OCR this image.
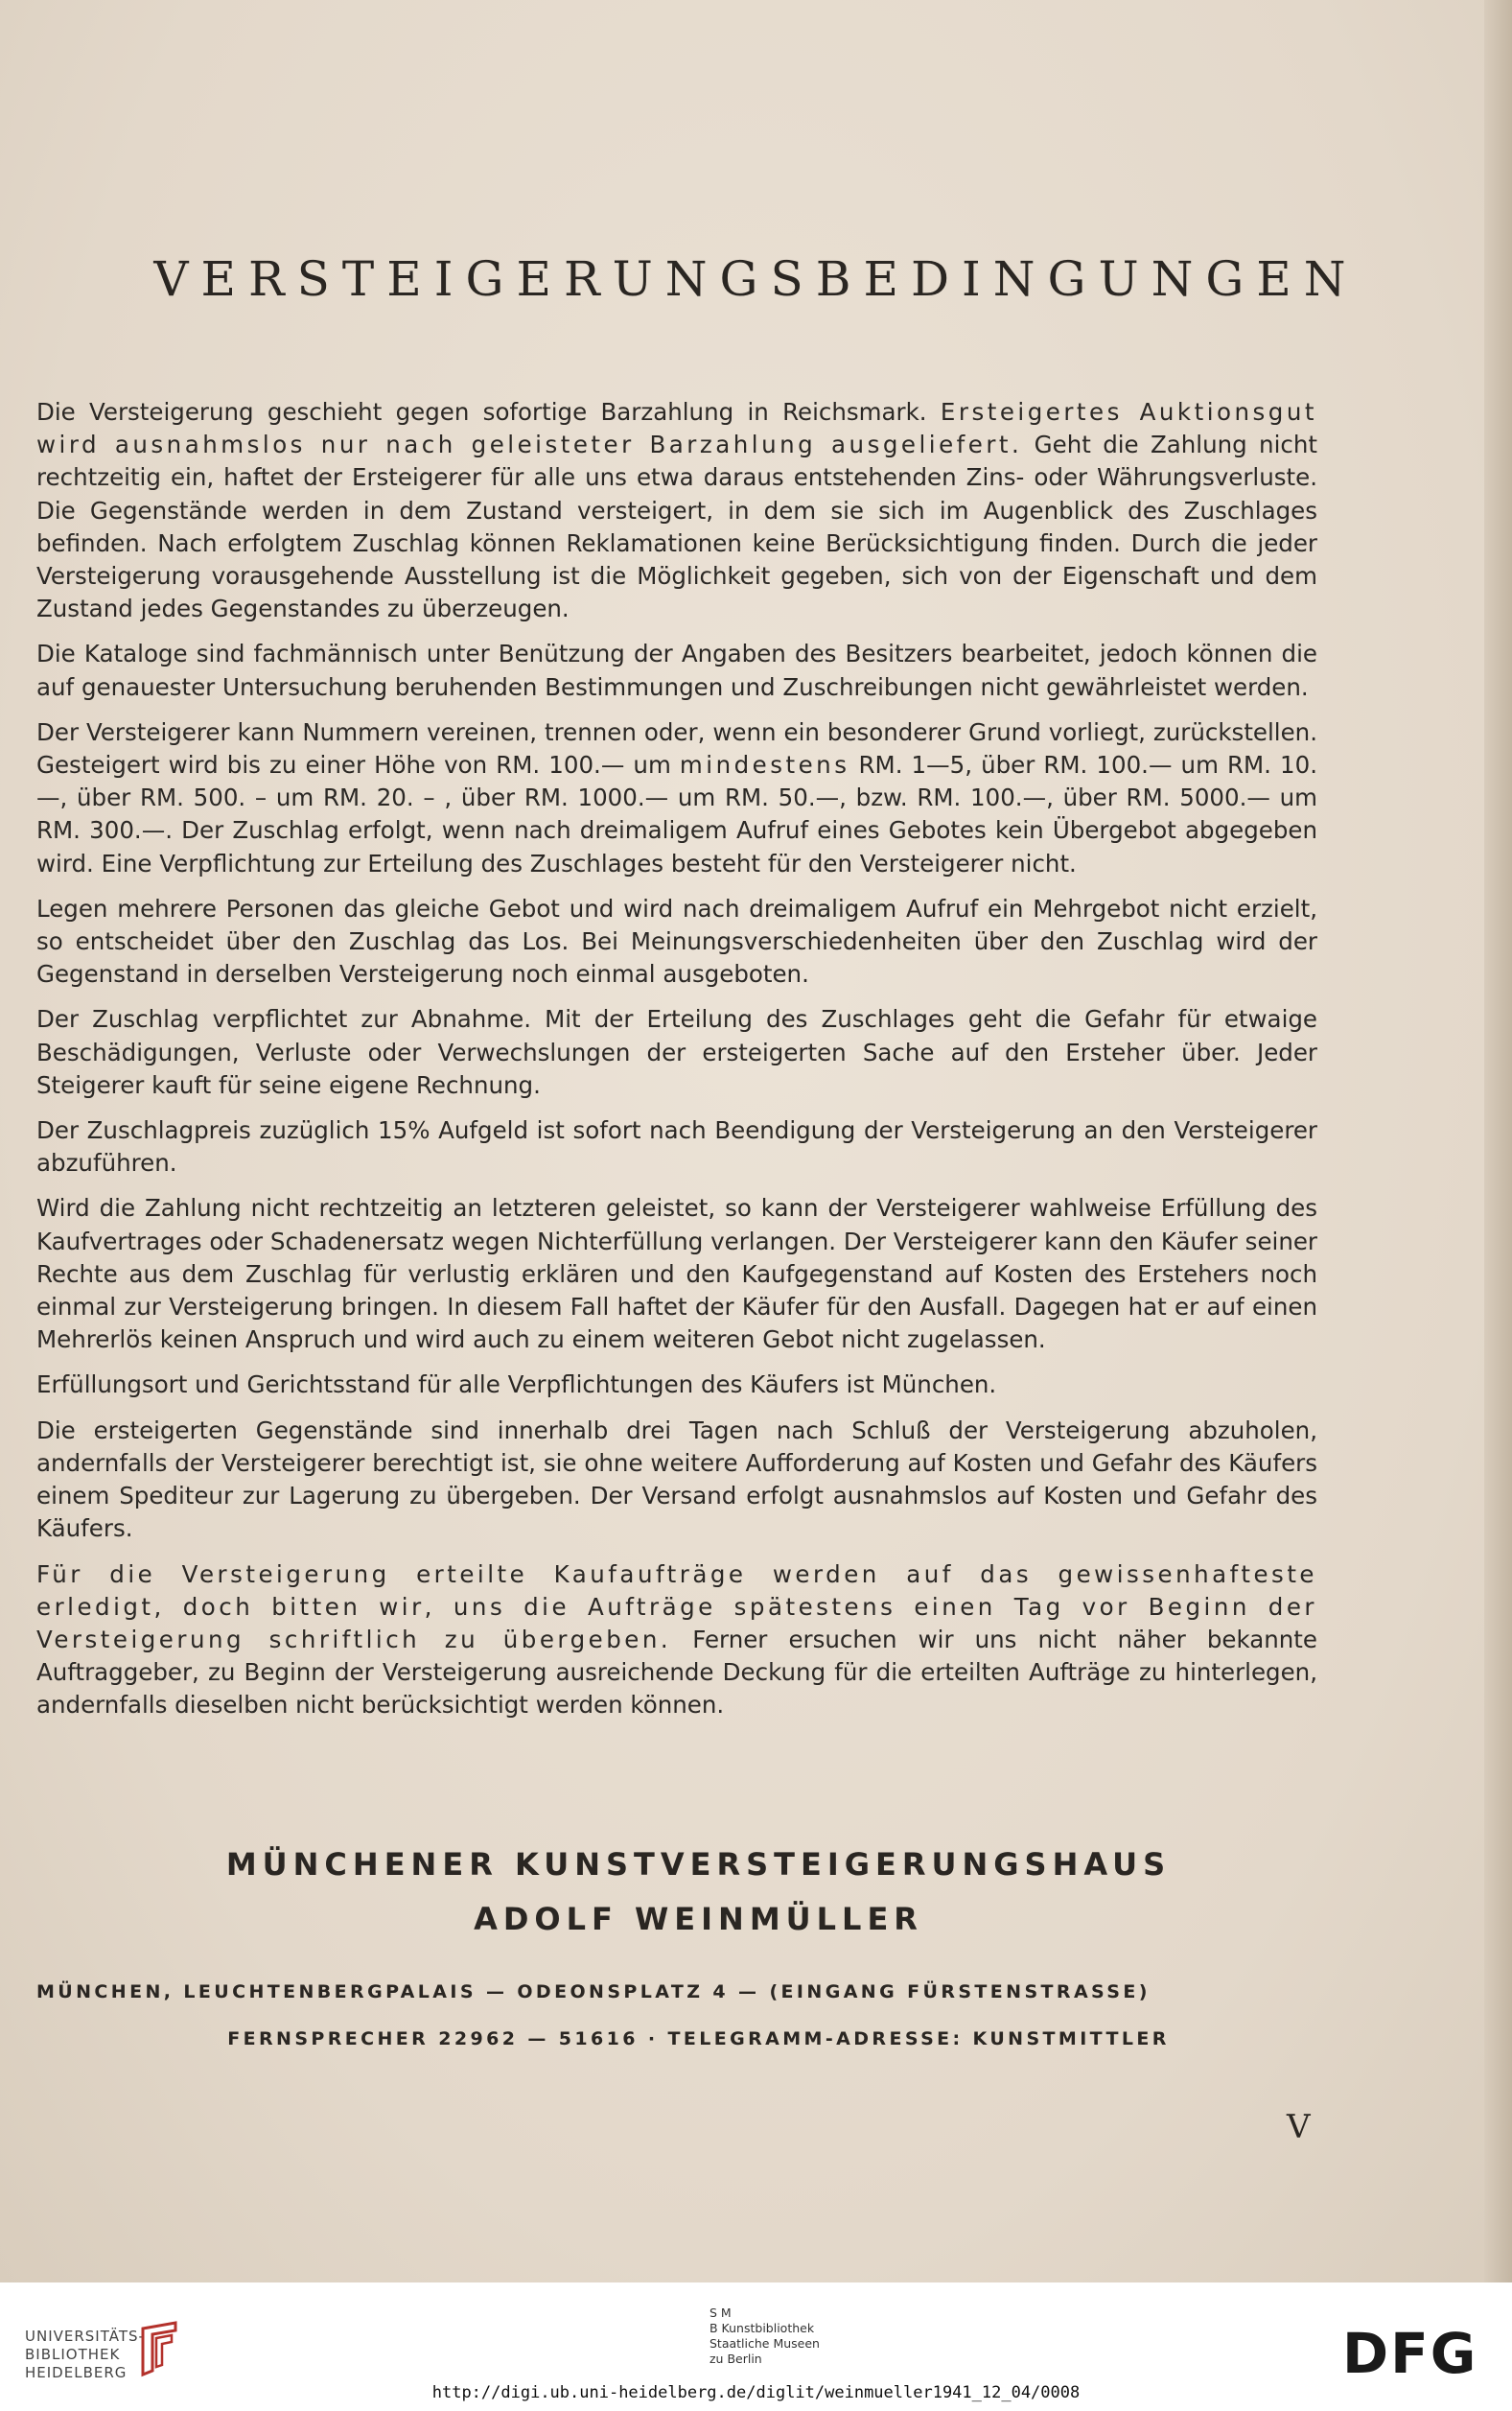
VERSTEIGERUNGSBEDINGUNGEN

Die Versteigerung geschieht gegen sofortige Barzahlung in Reichsmark. Ersteigertes Auktionsgut wird ausnahmslos nur nach geleisteter Barzahlung ausgeliefert. Geht die Zahlung nicht rechtzeitig ein, haftet der Ersteigerer für alle uns etwa daraus entstehenden Zins- oder Währungsverluste. Die Gegenstände werden in dem Zustand versteigert, in dem sie sich im Augenblick des Zuschlages befinden. Nach erfolgtem Zuschlag können Reklamationen keine Berücksichtigung finden. Durch die jeder Versteigerung vorausgehende Ausstellung ist die Möglichkeit gegeben, sich von der Eigenschaft und dem Zustand jedes Gegenstandes zu überzeugen.

Die Kataloge sind fachmännisch unter Benützung der Angaben des Besitzers bearbeitet, jedoch können die auf genauester Untersuchung beruhenden Bestimmungen und Zuschreibungen nicht gewährleistet werden.

Der Versteigerer kann Nummern vereinen, trennen oder, wenn ein besonderer Grund vorliegt, zurückstellen. Gesteigert wird bis zu einer Höhe von RM. 100.— um mindestens RM. 1—5, über RM. 100.— um RM. 10.—, über RM. 500. – um RM. 20. – , über RM. 1000.— um RM. 50.—, bzw. RM. 100.—, über RM. 5000.— um RM. 300.—. Der Zuschlag erfolgt, wenn nach dreimaligem Aufruf eines Gebotes kein Übergebot abgegeben wird. Eine Verpflichtung zur Erteilung des Zuschlages besteht für den Versteigerer nicht.

Legen mehrere Personen das gleiche Gebot und wird nach dreimaligem Aufruf ein Mehrgebot nicht erzielt, so entscheidet über den Zuschlag das Los. Bei Meinungsverschiedenheiten über den Zuschlag wird der Gegenstand in derselben Versteigerung noch einmal ausgeboten.

Der Zuschlag verpflichtet zur Abnahme. Mit der Erteilung des Zuschlages geht die Gefahr für etwaige Beschädigungen, Verluste oder Verwechslungen der ersteigerten Sache auf den Ersteher über. Jeder Steigerer kauft für seine eigene Rechnung.

Der Zuschlagpreis zuzüglich 15% Aufgeld ist sofort nach Beendigung der Versteigerung an den Versteigerer abzuführen.

Wird die Zahlung nicht rechtzeitig an letzteren geleistet, so kann der Versteigerer wahlweise Erfüllung des Kaufvertrages oder Schadenersatz wegen Nichterfüllung verlangen. Der Versteigerer kann den Käufer seiner Rechte aus dem Zuschlag für verlustig erklären und den Kaufgegenstand auf Kosten des Erstehers noch einmal zur Versteigerung bringen. In diesem Fall haftet der Käufer für den Ausfall. Dagegen hat er auf einen Mehrerlös keinen Anspruch und wird auch zu einem weiteren Gebot nicht zugelassen.

Erfüllungsort und Gerichtsstand für alle Verpflichtungen des Käufers ist München.

Die ersteigerten Gegenstände sind innerhalb drei Tagen nach Schluß der Versteigerung abzuholen, andernfalls der Versteigerer berechtigt ist, sie ohne weitere Aufforderung auf Kosten und Gefahr des Käufers einem Spediteur zur Lagerung zu übergeben. Der Versand erfolgt ausnahmslos auf Kosten und Gefahr des Käufers.

Für die Versteigerung erteilte Kaufaufträge werden auf das gewissenhafteste erledigt, doch bitten wir, uns die Aufträge spätestens einen Tag vor Beginn der Versteigerung schriftlich zu übergeben. Ferner ersuchen wir uns nicht näher bekannte Auftraggeber, zu Beginn der Versteigerung ausreichende Deckung für die erteilten Aufträge zu hinterlegen, andernfalls dieselben nicht berücksichtigt werden können.

MÜNCHENER KUNSTVERSTEIGERUNGSHAUS
ADOLF WEINMÜLLER
MÜNCHEN, LEUCHTENBERGPALAIS — ODEONSPLATZ 4 — (EINGANG FÜRSTENSTRASSE)
FERNSPRECHER 22962 — 51616 · TELEGRAMM-ADRESSE: KUNSTMITTLER
V
UNIVERSITÄTS-
BIBLIOTHEK
HEIDELBERG
S M
B Kunstbibliothek
Staatliche Museen
zu Berlin	DFG
http://digi.ub.uni-heidelberg.de/diglit/weinmueller1941_12_04/0008
